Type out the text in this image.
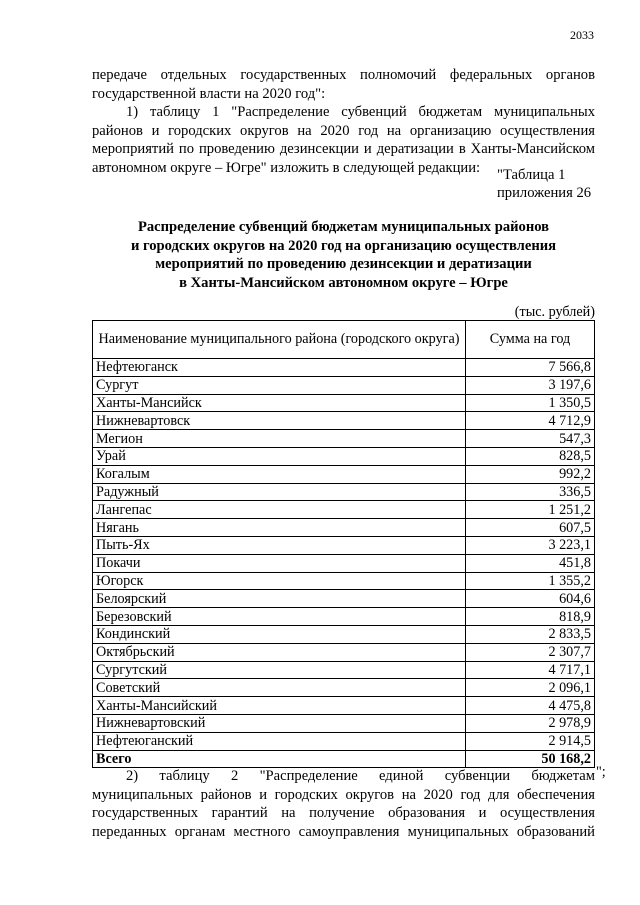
2033
передаче отдельных государственных полномочий федеральных органов
государственной власти на 2020 год":
1) таблицу 1 "Распределение субвенций бюджетам муниципальных
районов и городских округов на 2020 год на организацию осуществления
мероприятий по проведению дезинсекции и дератизации в Ханты-Мансийском
автономном округе – Югре" изложить в следующей редакции:	"Таблица 1
приложения 26
Распределение субвенций бюджетам муниципальных районов
и городских округов на 2020 год на организацию осуществления
мероприятий по проведению дезинсекции и дератизации
в Ханты-Мансийском автономном округе – Югре
(тыс. рублей)
Наименование муниципального района (городского округа)	Сумма на год
Нефтеюганск	7 566,8
Сургут	3 197,6
Ханты-Мансийск	1 350,5
Нижневартовск	4 712,9
Мегион	547,3
Урай	828,5
Когалым	992,2
Радужный	336,5
Лангепас	1 251,2
Нягань	607,5
Пыть-Ях	3 223,1
Покачи	451,8
Югорск	1 355,2
Белоярский	604,6
Березовский	818,9
Кондинский	2 833,5
Октябрьский	2 307,7
Сургутский	4 717,1
Советский	2 096,1
Ханты-Мансийский	4 475,8
Нижневартовский	2 978,9
Нефтеюганский	2 914,5
Всего	50 168,2
";
2) таблицу 2 "Распределение единой субвенции бюджетам
муниципальных районов и городских округов на 2020 год для обеспечения
государственных гарантий на получение образования и осуществления
переданных органам местного самоуправления муниципальных образований
